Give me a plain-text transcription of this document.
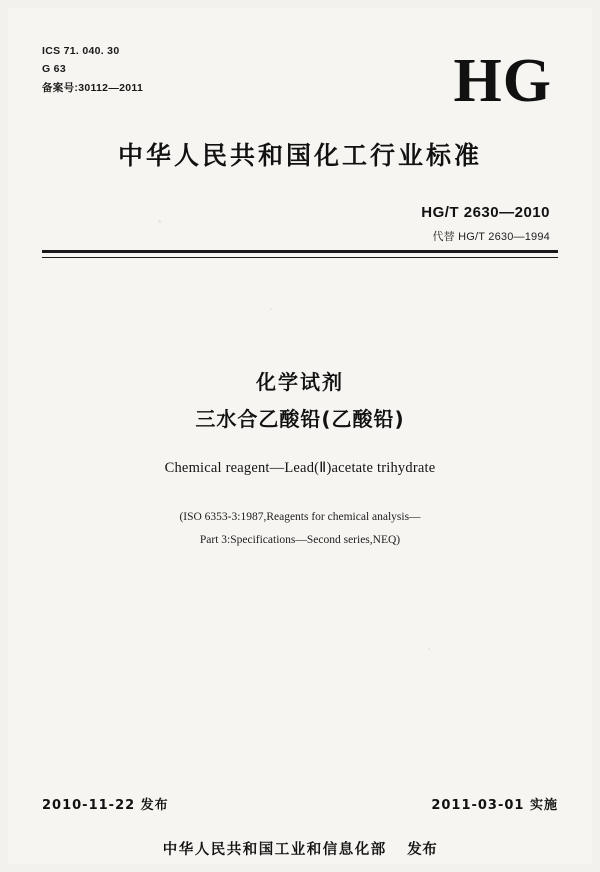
ICS 71. 040. 30
G 63
备案号:30112—2011	HG
中华人民共和国化工行业标准
HG/T 2630—2010
代替 HG/T 2630—1994
化学试剂
三水合乙酸铅(乙酸铅)
Chemical reagent—Lead(Ⅱ)acetate trihydrate
(ISO 6353-3:1987,Reagents for chemical analysis—
Part 3:Specifications—Second series,NEQ)
2010-11-22 发布	2011-03-01 实施
中华人民共和国工业和信息化部 发布
